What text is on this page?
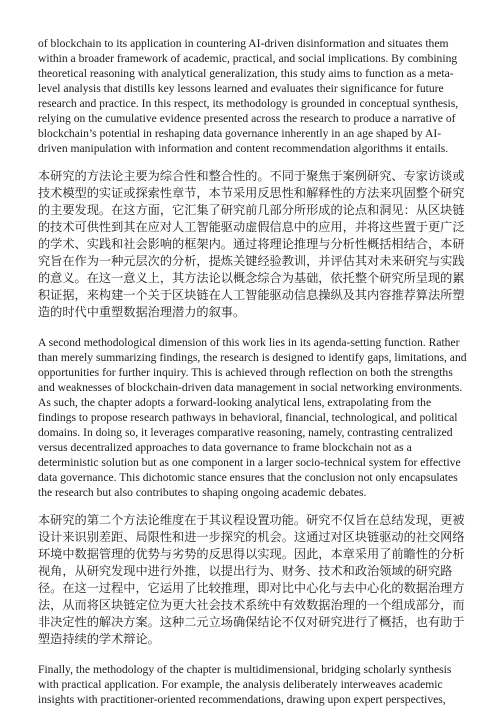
of blockchain to its application in countering AI-driven disinformation and situates them within a broader framework of academic, practical, and social implications. By combining theoretical reasoning with analytical generalization, this study aims to function as a meta-level analysis that distills key lessons learned and evaluates their significance for future research and practice. In this respect, its methodology is grounded in conceptual synthesis, relying on the cumulative evidence presented across the research to produce a narrative of blockchain’s potential in reshaping data governance inherently in an age shaped by AI-driven manipulation with information and content recommendation algorithms it entails.

本研究的方法论主要为综合性和整合性的。不同于聚焦于案例研究、专家访谈或技术模型的实证或探索性章节，本节采用反思性和解释性的方法来巩固整个研究的主要发现。在这方面，它汇集了研究前几部分所形成的论点和洞见：从区块链的技术可供性到其在应对人工智能驱动虚假信息中的应用，并将这些置于更广泛的学术、实践和社会影响的框架内。通过将理论推理与分析性概括相结合，本研究旨在作为一种元层次的分析，提炼关键经验教训，并评估其对未来研究与实践的意义。在这一意义上，其方法论以概念综合为基础，依托整个研究所呈现的累积证据，来构建一个关于区块链在人工智能驱动信息操纵及其内容推荐算法所塑造的时代中重塑数据治理潜力的叙事。

A second methodological dimension of this work lies in its agenda-setting function. Rather than merely summarizing findings, the research is designed to identify gaps, limitations, and opportunities for further inquiry. This is achieved through reflection on both the strengths and weaknesses of blockchain-driven data management in social networking environments. As such, the chapter adopts a forward-looking analytical lens, extrapolating from the findings to propose research pathways in behavioral, financial, technological, and political domains. In doing so, it leverages comparative reasoning, namely, contrasting centralized versus decentralized approaches to data governance to frame blockchain not as a deterministic solution but as one component in a larger socio-technical system for effective data governance. This dichotomic stance ensures that the conclusion not only encapsulates the research but also contributes to shaping ongoing academic debates.

本研究的第二个方法论维度在于其议程设置功能。研究不仅旨在总结发现，更被设计来识别差距、局限性和进一步探究的机会。这通过对区块链驱动的社交网络环境中数据管理的优势与劣势的反思得以实现。因此，本章采用了前瞻性的分析视角，从研究发现中进行外推，以提出行为、财务、技术和政治领域的研究路径。在这一过程中，它运用了比较推理，即对比中心化与去中心化的数据治理方法，从而将区块链定位为更大社会技术系统中有效数据治理的一个组成部分，而非决定性的解决方案。这种二元立场确保结论不仅对研究进行了概括，也有助于塑造持续的学术辩论。

Finally, the methodology of the chapter is multidimensional, bridging scholarly synthesis with practical application. For example, the analysis deliberately interweaves academic insights with practitioner-oriented recommendations, drawing upon expert perspectives,
